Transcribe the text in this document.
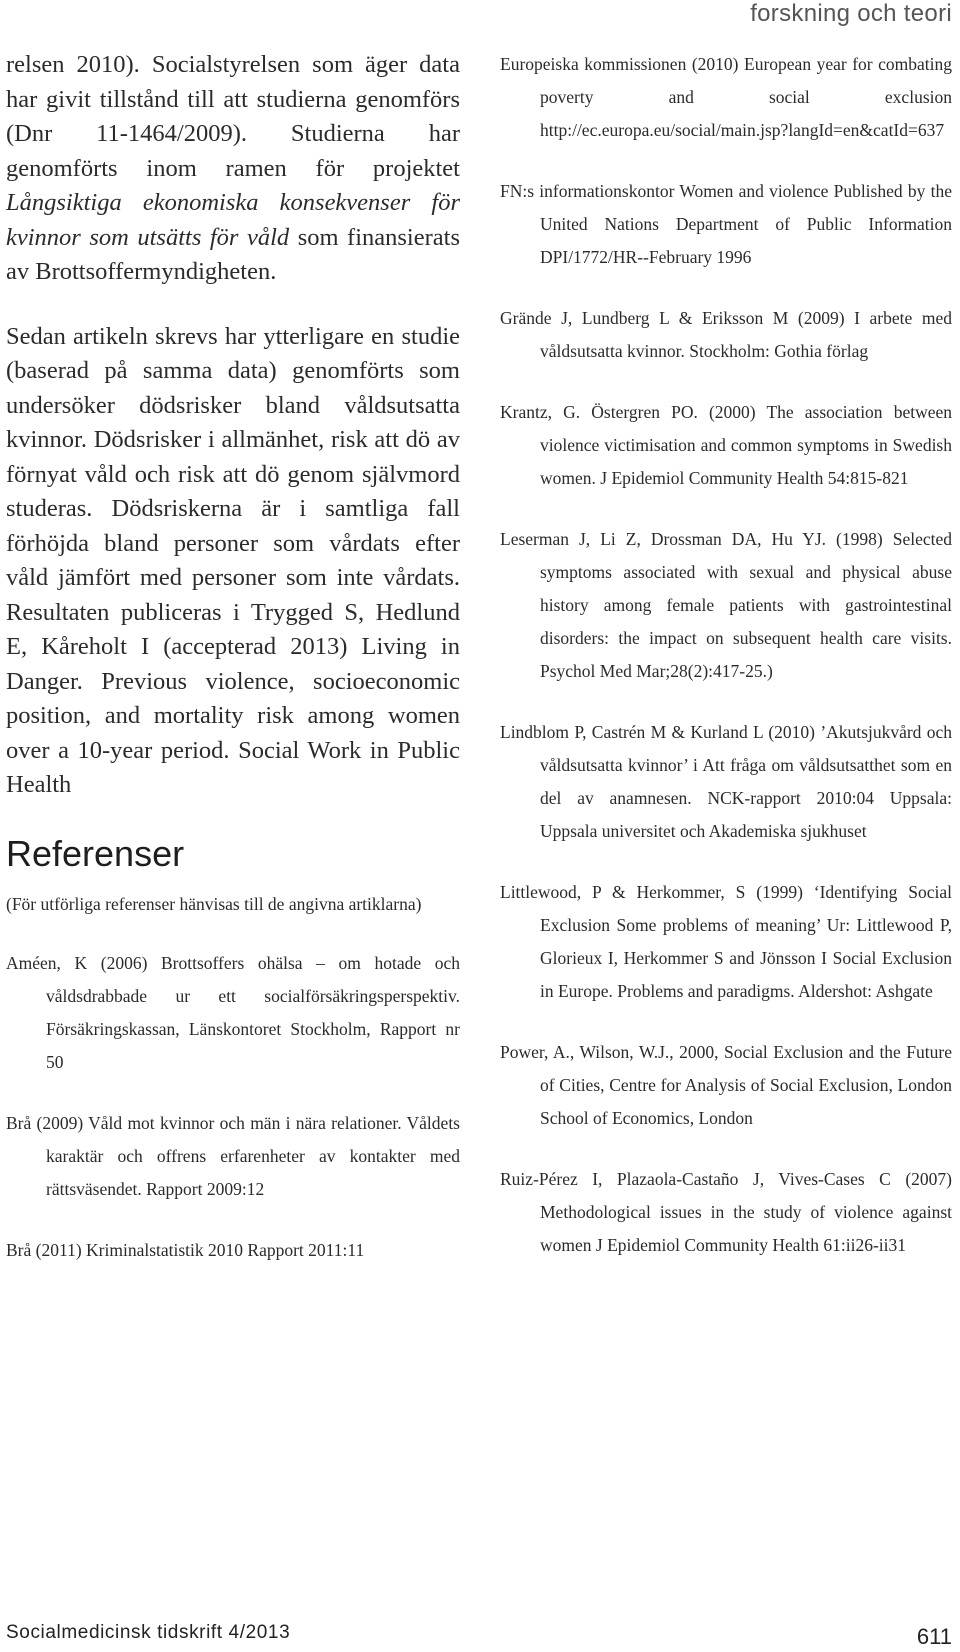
forskning och teori

relsen 2010). Socialstyrelsen som äger data har givit tillstånd till att studierna genomförs (Dnr 11-1464/2009). Studierna har genomförts inom ramen för projektet Långsiktiga ekonomiska konsekvenser för kvinnor som utsätts för våld som finansierats av Brottsoffermyndigheten.

Sedan artikeln skrevs har ytterligare en studie (baserad på samma data) genomförts som undersöker dödsrisker bland våldsutsatta kvinnor. Dödsrisker i allmänhet, risk att dö av förnyat våld och risk att dö genom självmord studeras. Dödsriskerna är i samtliga fall förhöjda bland personer som vårdats efter våld jämfört med personer som inte vårdats. Resultaten publiceras i Trygged S, Hedlund E, Kåreholt I (accepterad 2013) Living in Danger. Previous violence, socioeconomic position, and mortality risk among women over a 10-year period. Social Work in Public Health

Referenser

(För utförliga referenser hänvisas till de angivna artiklarna)

Améen, K (2006) Brottsoffers ohälsa – om hotade och våldsdrabbade ur ett socialförsäkringsperspektiv. Försäkringskassan, Länskontoret Stockholm, Rapport nr 50

Brå (2009) Våld mot kvinnor och män i nära relationer. Våldets karaktär och offrens erfarenheter av kontakter med rättsväsendet. Rapport 2009:12

Brå (2011) Kriminalstatistik 2010 Rapport 2011:11

Europeiska kommissionen (2010) European year for combating poverty and social exclusion http://ec.europa.eu/social/main.jsp?langId=en&catId=637

FN:s informationskontor Women and violence Published by the United Nations Department of Public Information DPI/1772/HR--February 1996

Grände J, Lundberg L & Eriksson M (2009) I arbete med våldsutsatta kvinnor. Stockholm: Gothia förlag

Krantz, G. Östergren PO. (2000) The association between violence victimisation and common symptoms in Swedish women. J Epidemiol Community Health 54:815-821

Leserman J, Li Z, Drossman DA, Hu YJ. (1998) Selected symptoms associated with sexual and physical abuse history among female patients with gastrointestinal disorders: the impact on subsequent health care visits. Psychol Med Mar;28(2):417-25.)

Lindblom P, Castrén M & Kurland L (2010) ’Akutsjukvård och våldsutsatta kvinnor’ i Att fråga om våldsutsatthet som en del av anamnesen. NCK-rapport 2010:04 Uppsala: Uppsala universitet och Akademiska sjukhuset

Littlewood, P & Herkommer, S (1999) ‘Identifying Social Exclusion Some problems of meaning’ Ur: Littlewood P, Glorieux I, Herkommer S and Jönsson I Social Exclusion in Europe. Problems and paradigms. Aldershot: Ashgate

Power, A., Wilson, W.J., 2000, Social Exclusion and the Future of Cities, Centre for Analysis of Social Exclusion, London School of Economics, London

Ruiz-Pérez I, Plazaola-Castaño J, Vives-Cases C (2007) Methodological issues in the study of violence against women J Epidemiol Community Health 61:ii26-ii31

Socialmedicinsk tidskrift 4/2013	611
